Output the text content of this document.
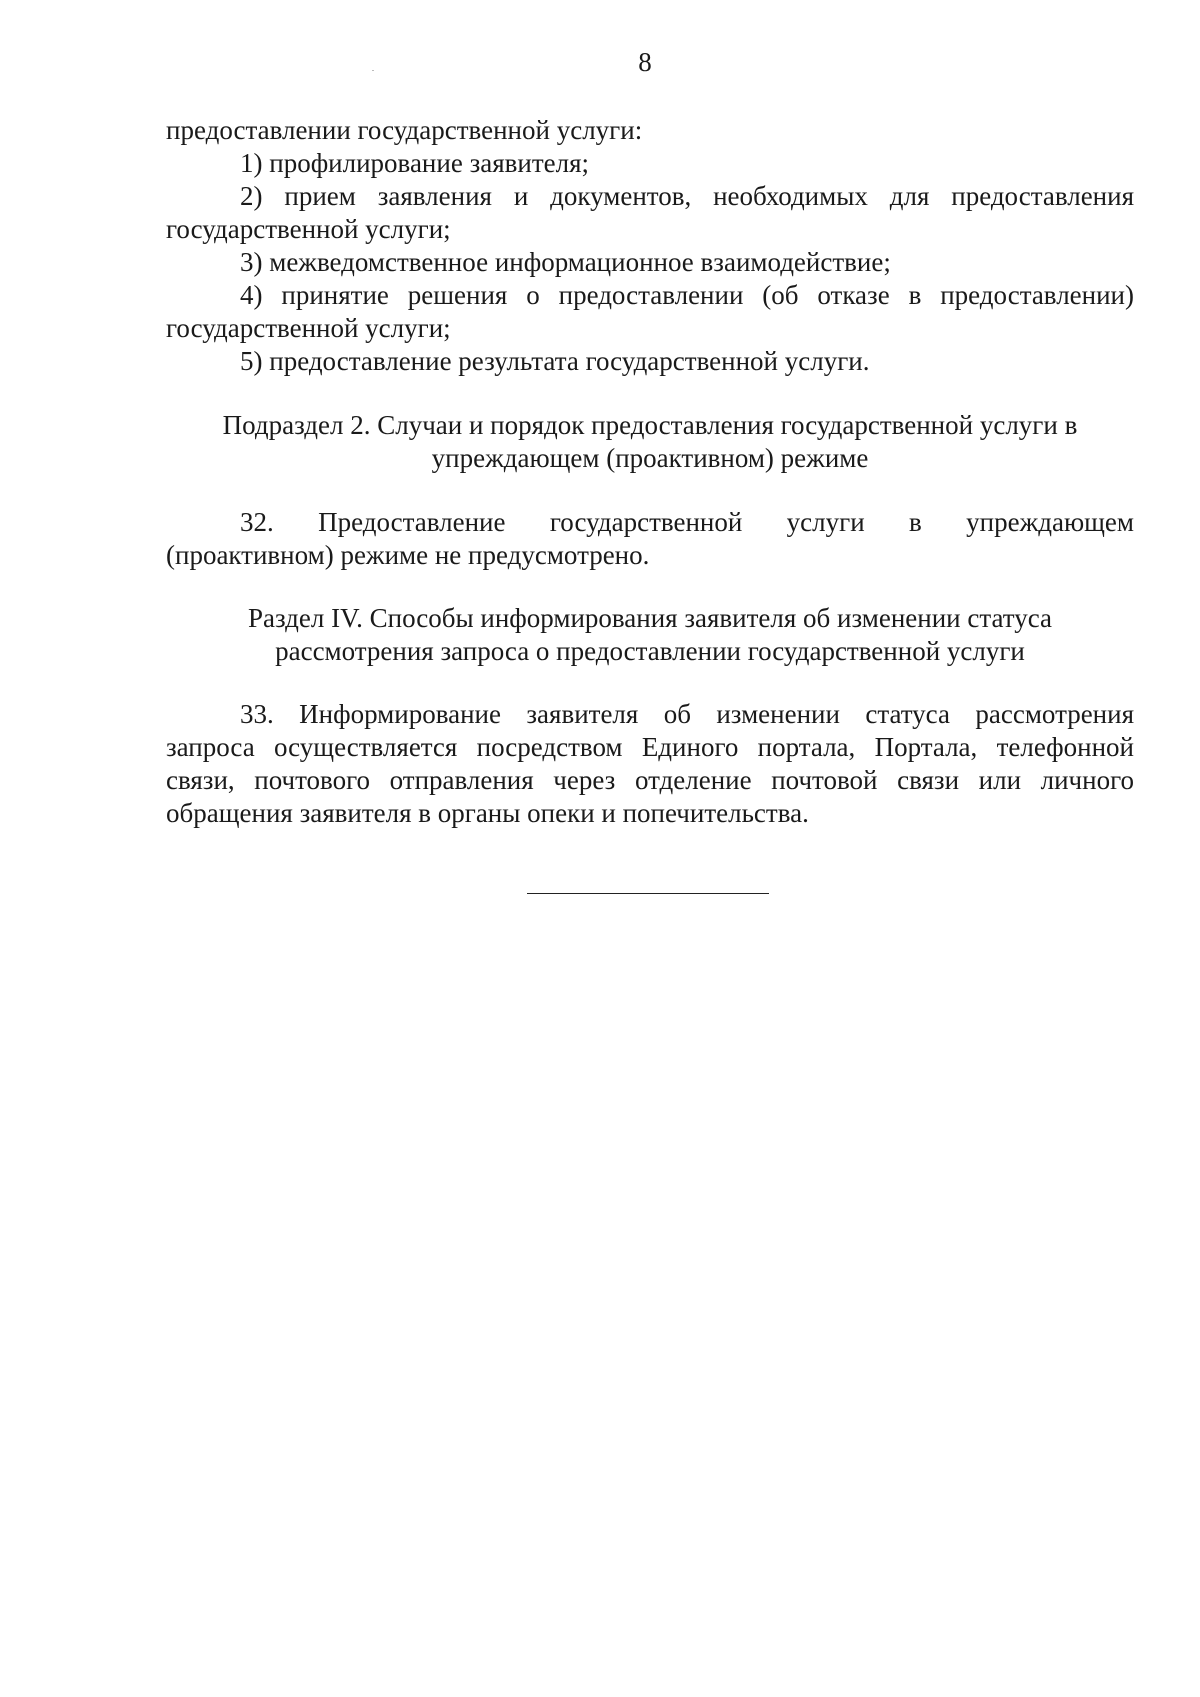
8

предоставлении государственной услуги:

1) профилирование заявителя;

2) прием заявления и документов, необходимых для предоставления

государственной услуги;

3) межведомственное информационное взаимодействие;

4) принятие решения о предоставлении (об отказе в предоставлении)

государственной услуги;

5) предоставление результата государственной услуги.

Подраздел 2. Случаи и порядок предоставления государственной услуги в

упреждающем (проактивном) режиме

32. Предоставление государственной услуги в упреждающем

(проактивном) режиме не предусмотрено.

Раздел IV. Способы информирования заявителя об изменении статуса

рассмотрения запроса о предоставлении государственной услуги

33. Информирование заявителя об изменении статуса рассмотрения

запроса осуществляется посредством Единого портала, Портала, телефонной

связи, почтового отправления через отделение почтовой связи или личного

обращения заявителя в органы опеки и попечительства.
